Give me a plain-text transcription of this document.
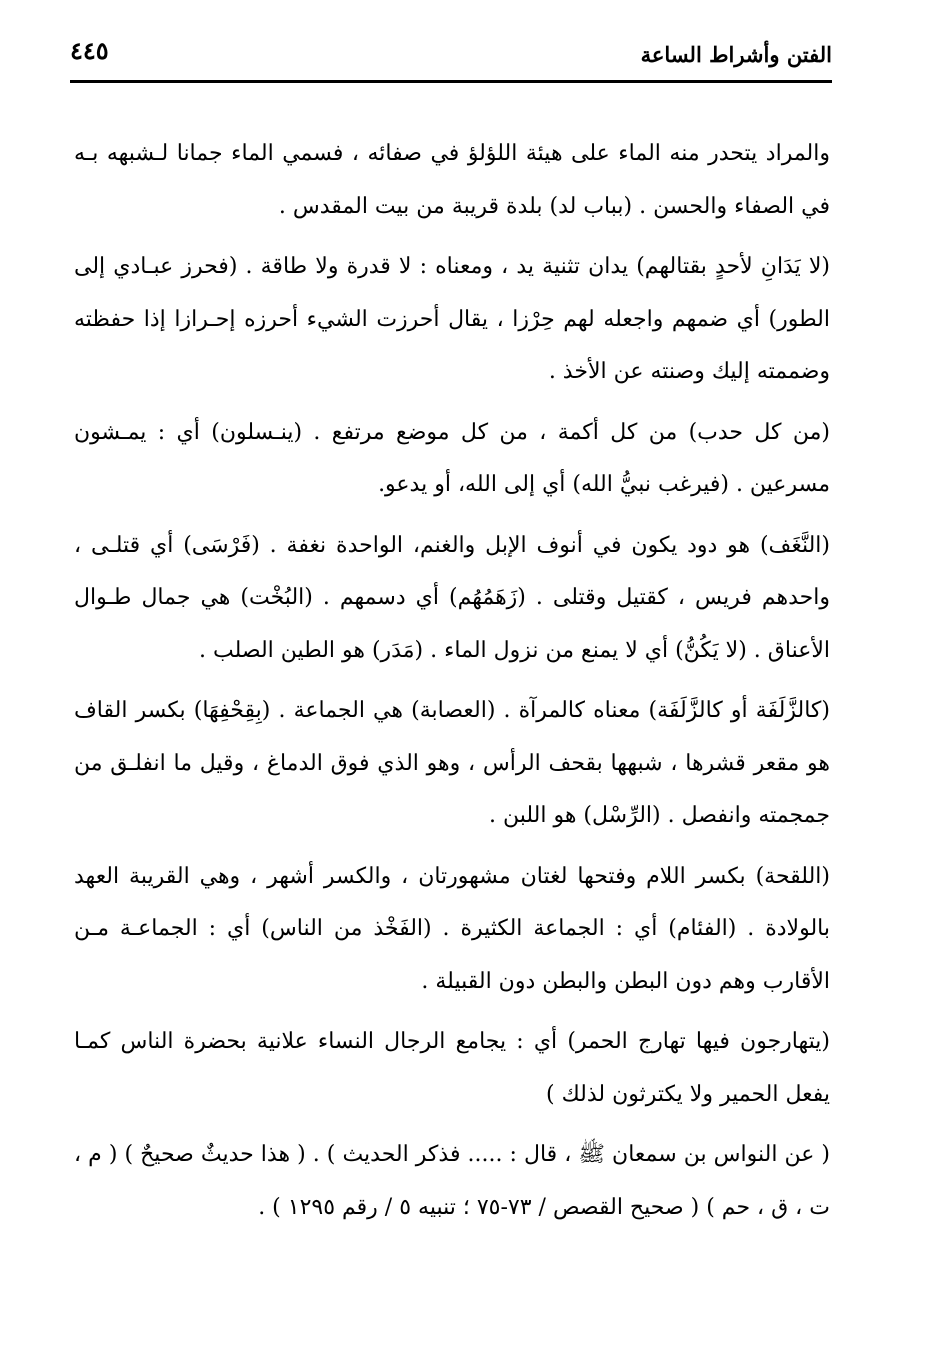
الفتن وأشراط الساعة
٤٤٥

والمراد يتحدر منه الماء على هيئة اللؤلؤ في صفائه ، فسمي الماء جمانا لـشبهه بـه في الصفاء والحسن . (بباب لد) بلدة قريبة من بيت المقدس .

(لا يَدَانِ لأحدٍ بقتالهم) يدان تثنية يد ، ومعناه : لا قدرة ولا طاقة . (فحرز عبـادي إلى الطور) أي ضمهم واجعله لهم حِرْزا ، يقال أحرزت الشيء أحرزه إحـرازا إذا حفظته وضممته إليك وصنته عن الأخذ .

(من كل حدب) من كل أكمة ، من كل موضع مرتفع . (ينـسلون) أي : يمـشون مسرعين . (فيرغب نبيُّ الله) أي إلى الله، أو يدعو.

(النَّغَف) هو دود يكون في أنوف الإبل والغنم، الواحدة نغفة . (فَرْسَى) أي قتلـى ، واحدهم فريس ، كقتيل وقتلى . (زَهَمُهُم) أي دسمهم . (البُخْت) هي جمال طـوال الأعناق . (لا يَكُنُّ) أي لا يمنع من نزول الماء . (مَدَر) هو الطين الصلب .

(كالزَّلَفَة أو كالزَّلَفَة) معناه كالمرآة . (العصابة) هي الجماعة . (بِقِحْفِهَا) بكسر القاف هو مقعر قشرها ، شبهها بقحف الرأس ، وهو الذي فوق الدماغ ، وقيل ما انفلـق من جمجمته وانفصل . (الرِّسْل) هو اللبن .

(اللقحة) بكسر اللام وفتحها لغتان مشهورتان ، والكسر أشهر ، وهي القريبة العهد بالولادة . (الفئام) أي : الجماعة الكثيرة . (الفَخْذ من الناس) أي : الجماعـة مـن الأقارب وهم دون البطن والبطن دون القبيلة .

(يتهارجون فيها تهارج الحمر) أي : يجامع الرجال النساء علانية بحضرة الناس كمـا يفعل الحمير ولا يكترثون لذلك )

( عن النواس بن سمعان ﷺ ، قال : ..... فذكر الحديث ) . ( هذا حديثٌ صحيحٌ ) ( م ، ت ، ق ، حم ) ( صحيح القصص / ٧٣-٧٥ ؛ تنبيه ٥ / رقم ١٢٩٥ ) .
